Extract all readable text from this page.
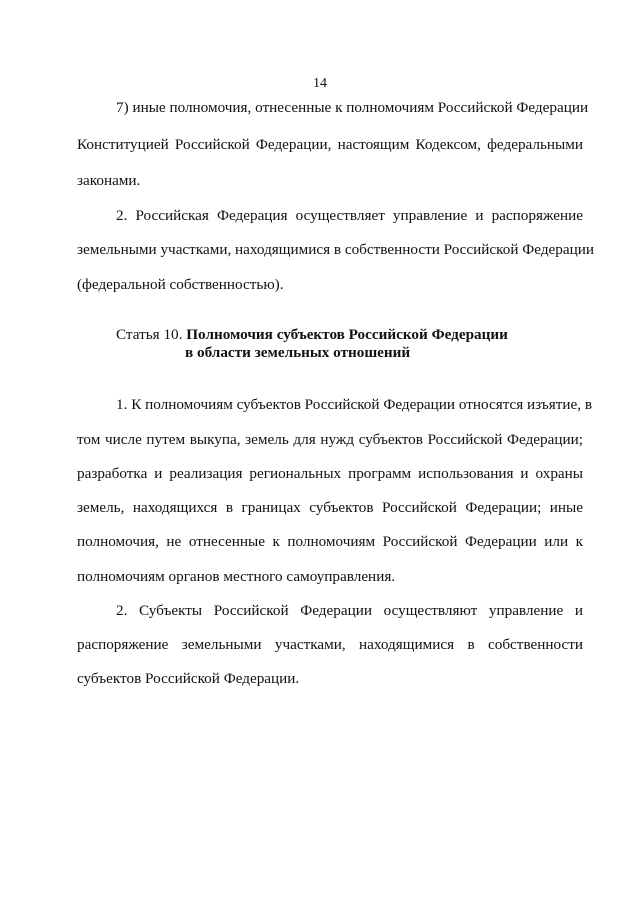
14
7) иные полномочия, отнесенные к полномочиям Российской Федерации
Конституцией Российской Федерации, настоящим Кодексом, федеральными
законами.
2. Российская Федерация осуществляет управление и распоряжение
земельными участками, находящимися в собственности Российской Федерации
(федеральной собственностью).
Статья 10. Полномочия субъектов Российской Федерации
в области земельных отношений
1. К полномочиям субъектов Российской Федерации относятся изъятие, в
том числе путем выкупа, земель для нужд субъектов Российской Федерации;
разработка и реализация региональных программ использования и охраны
земель, находящихся в границах субъектов Российской Федерации; иные
полномочия, не отнесенные к полномочиям Российской Федерации или к
полномочиям органов местного самоуправления.
2. Субъекты Российской Федерации осуществляют управление и
распоряжение земельными участками, находящимися в собственности
субъектов Российской Федерации.
